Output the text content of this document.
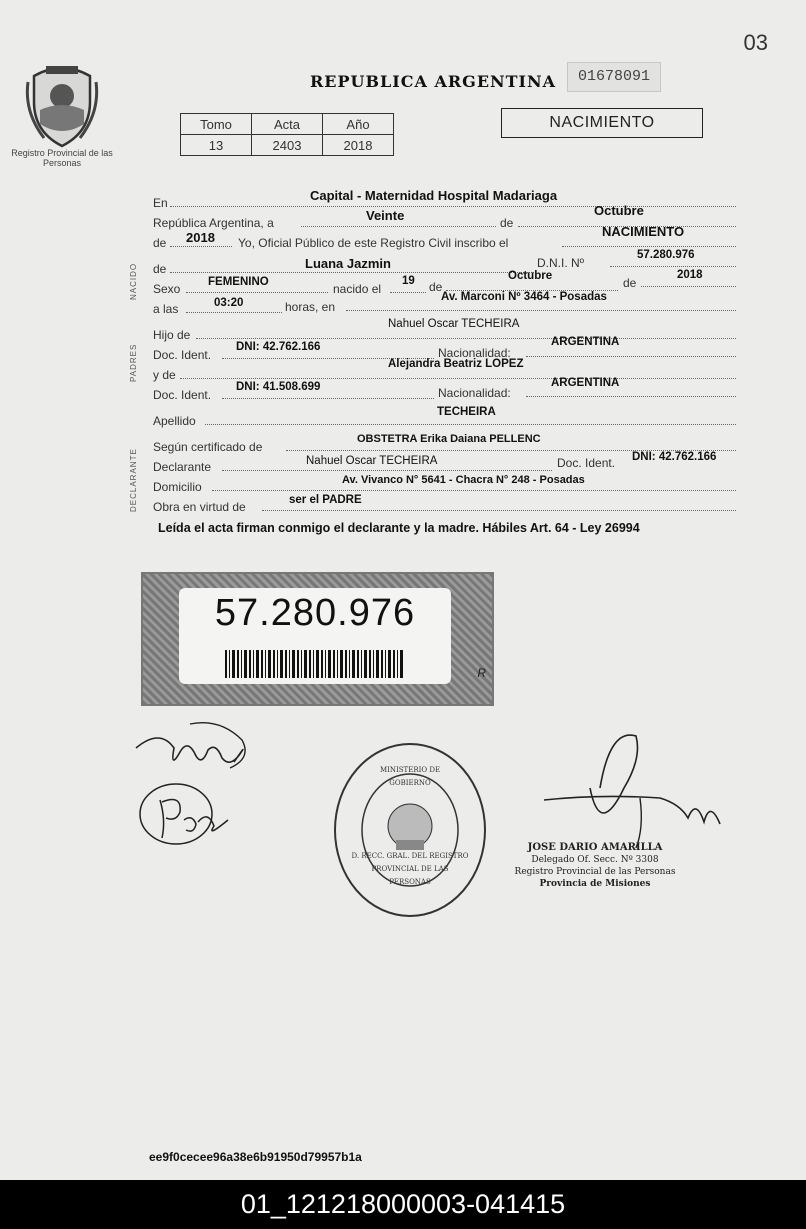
03
Registro Provincial de las Personas
REPUBLICA ARGENTINA	01678091
Tomo	Acta	Año
13	2403	2018
NACIMIENTO
NACIDO
PADRES
DECLARANTE
En	Capital - Maternidad Hospital Madariaga
República Argentina, a	Veinte	de
Octubre
de 2018 Yo, Oficial Público de este Registro Civil inscribo el
NACIMIENTO
de	Luana Jazmin	D.N.I. Nº
57.280.976
Sexo FEMENINO	nacido el
19 de
Octubre	de
2018
a las	03:20	horas, en
Av. Marconi Nº 3464 - Posadas
Hijo de
Nahuel Oscar TECHEIRA
Doc. Ident.
DNI: 42.762.166	Nacionalidad:
ARGENTINA
y de
Alejandra Beatriz LOPEZ
Doc. Ident.
DNI: 41.508.699	Nacionalidad:
ARGENTINA
Apellido
TECHEIRA
Según certificado de
OBSTETRA Erika Daiana PELLENC
Declarante	Nahuel Oscar TECHEIRA	Doc. Ident. DNI: 42.762.166
Domicilio	Av. Vivanco N° 5641 - Chacra N° 248 - Posadas
Obra en virtud de	ser el PADRE
Leída el acta firman conmigo el declarante y la madre. Hábiles Art. 64 - Ley 26994
57.280.976
R
D. RECC. GRAL. DEL REGISTRO PROVINCIAL DE LAS PERSONAS
MINISTERIO DE GOBIERNO
JOSE DARIO AMARILLA
Delegado Of. Secc. Nº 3308
Registro Provincial de las Personas
Provincia de Misiones
ee9f0cecee96a38e6b91950d79957b1a
01_121218000003-041415
